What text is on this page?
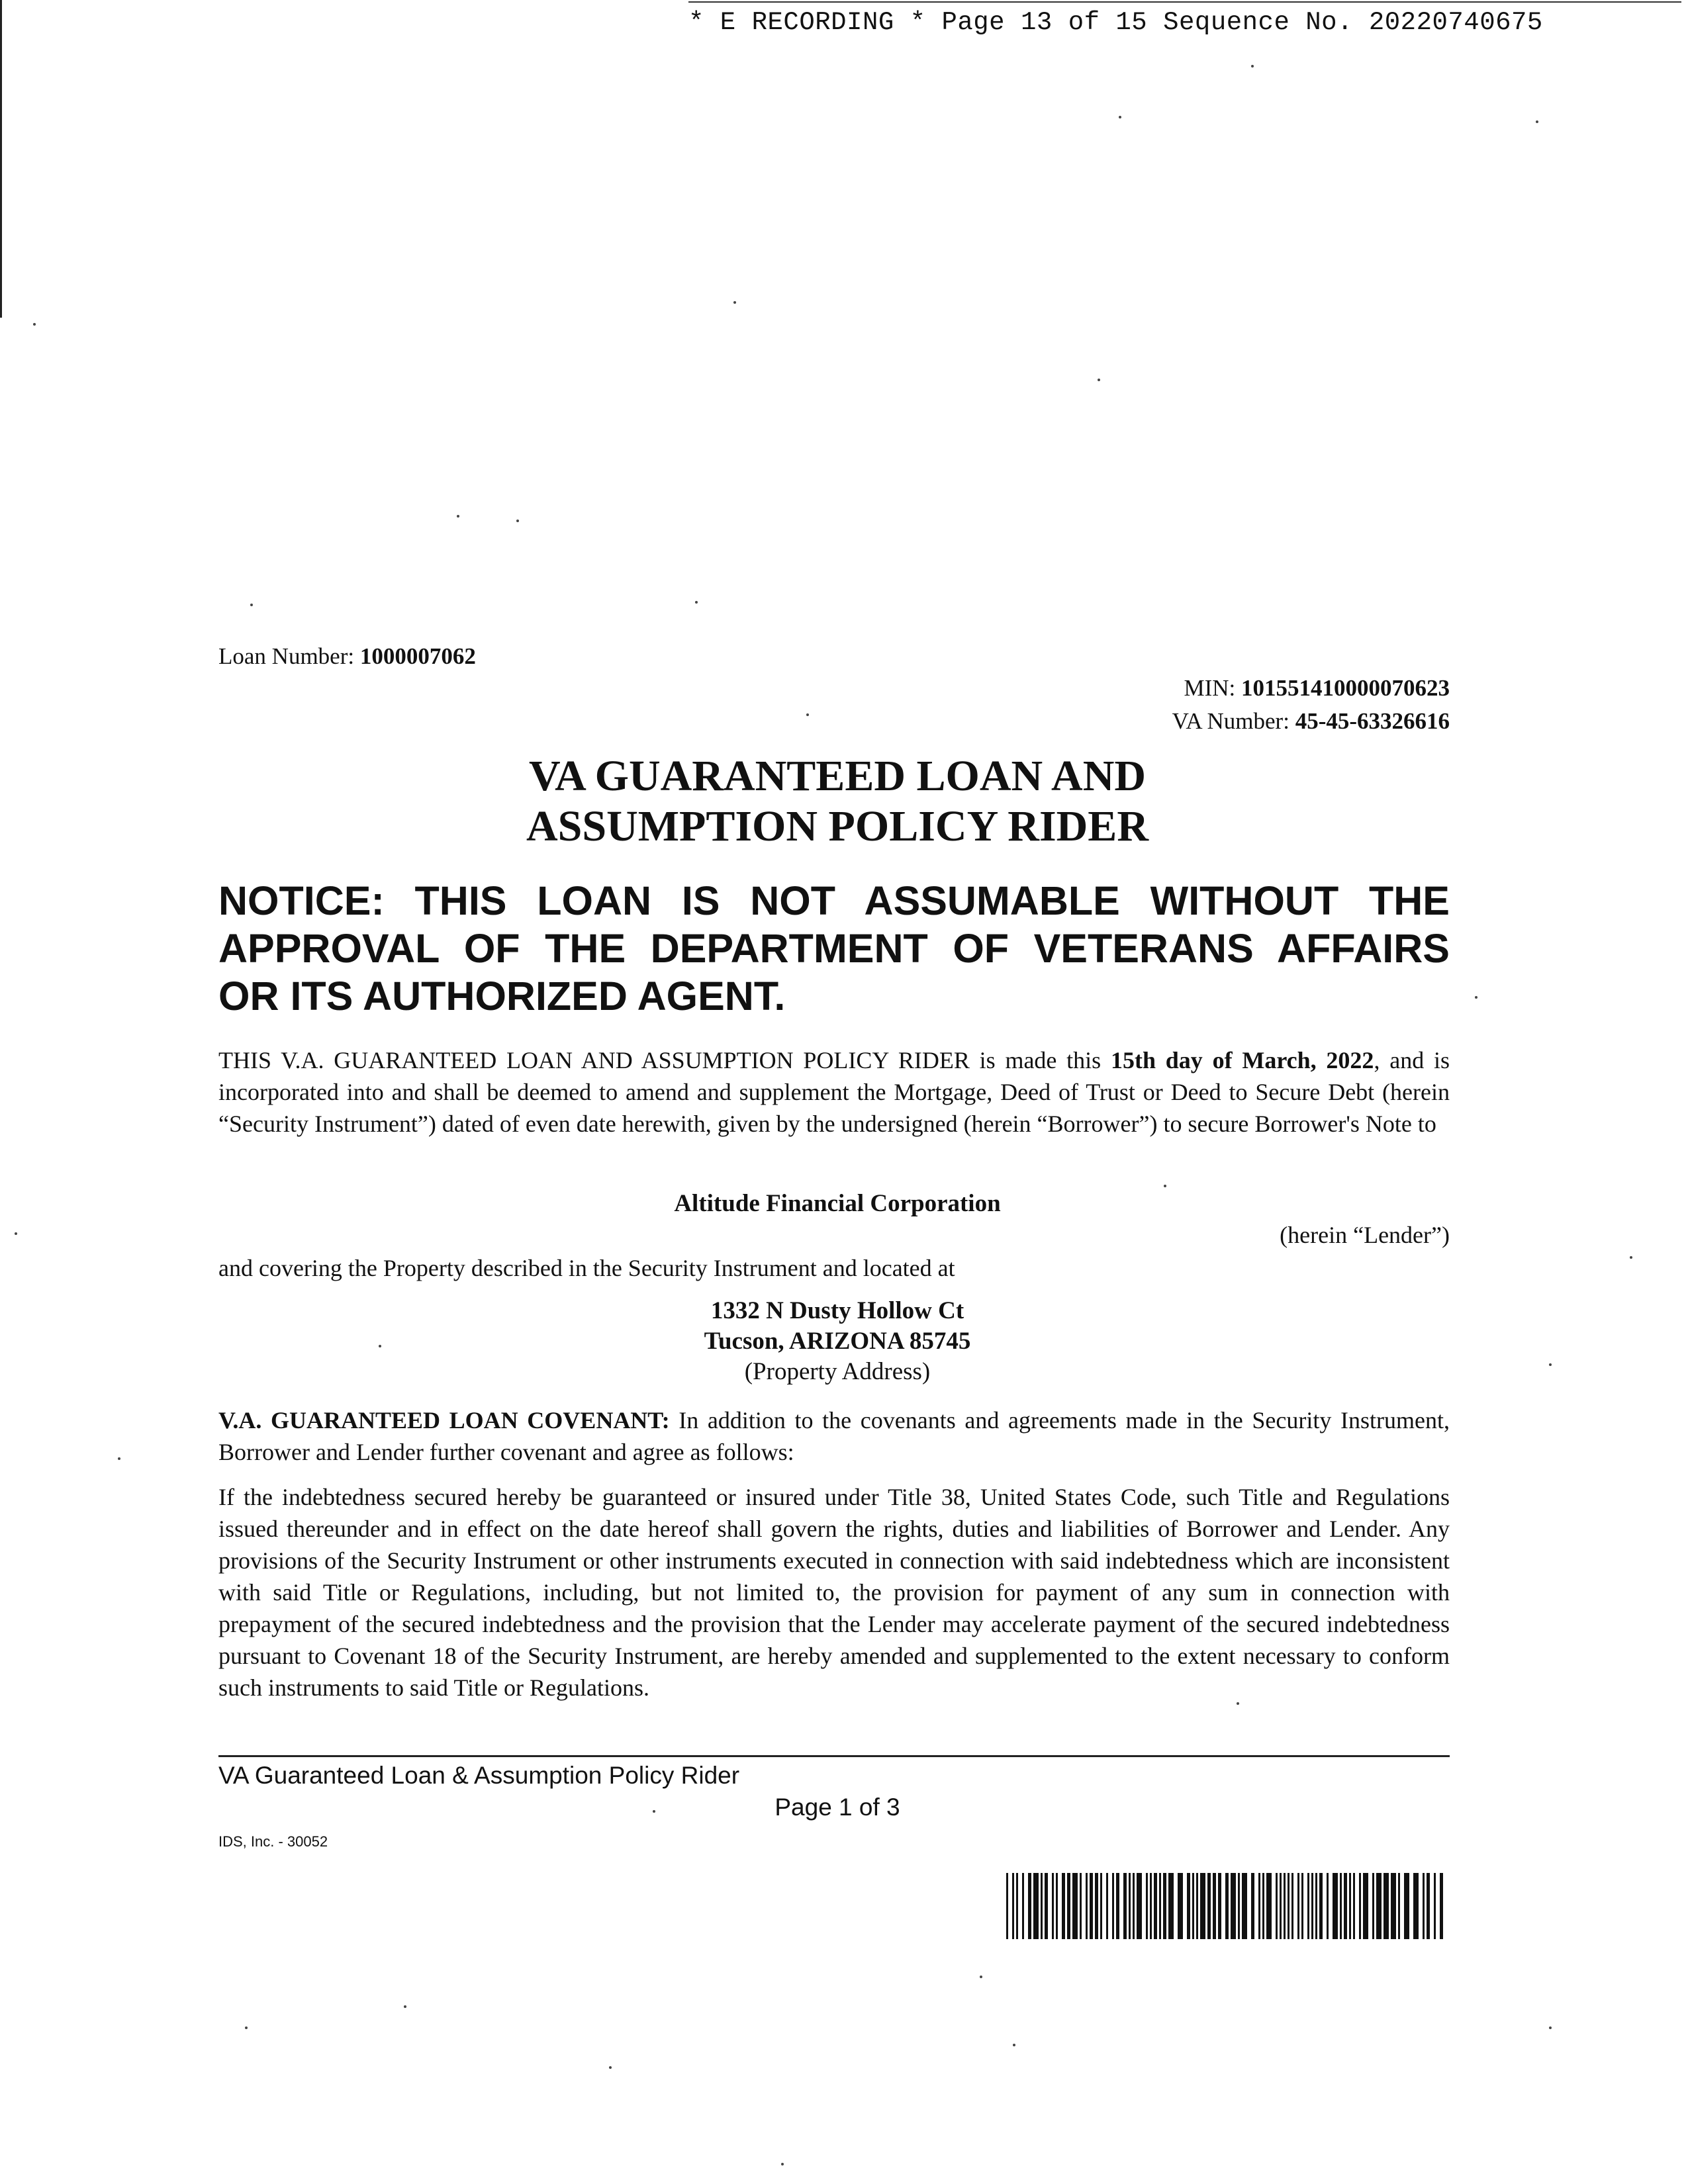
* E RECORDING * Page 13 of 15 Sequence No. 20220740675
Loan Number: 1000007062
MIN: 101551410000070623
VA Number: 45-45-63326616
VA GUARANTEED LOAN AND
ASSUMPTION POLICY RIDER
NOTICE: THIS LOAN IS NOT ASSUMABLE WITHOUT THE
APPROVAL OF THE DEPARTMENT OF VETERANS AFFAIRS
OR ITS AUTHORIZED AGENT.
THIS V.A. GUARANTEED LOAN AND ASSUMPTION POLICY RIDER is made this 15th day of March, 2022, and is incorporated into and shall be deemed to amend and supplement the Mortgage, Deed of Trust or Deed to Secure Debt (herein “Security Instrument”) dated of even date herewith, given by the undersigned (herein “Borrower”) to secure Borrower's Note to
Altitude Financial Corporation
(herein “Lender”)
and covering the Property described in the Security Instrument and located at
1332 N Dusty Hollow Ct
Tucson, ARIZONA 85745
(Property Address)
V.A. GUARANTEED LOAN COVENANT: In addition to the covenants and agreements made in the Security Instrument, Borrower and Lender further covenant and agree as follows:
If the indebtedness secured hereby be guaranteed or insured under Title 38, United States Code, such Title and Regulations issued thereunder and in effect on the date hereof shall govern the rights, duties and liabilities of Borrower and Lender. Any provisions of the Security Instrument or other instruments executed in connection with said indebtedness which are inconsistent with said Title or Regulations, including, but not limited to, the provision for payment of any sum in connection with prepayment of the secured indebtedness and the provision that the Lender may accelerate payment of the secured indebtedness pursuant to Covenant 18 of the Security Instrument, are hereby amended and supplemented to the extent necessary to conform such instruments to said Title or Regulations.
VA Guaranteed Loan & Assumption Policy Rider
Page 1 of 3
IDS, Inc. - 30052
